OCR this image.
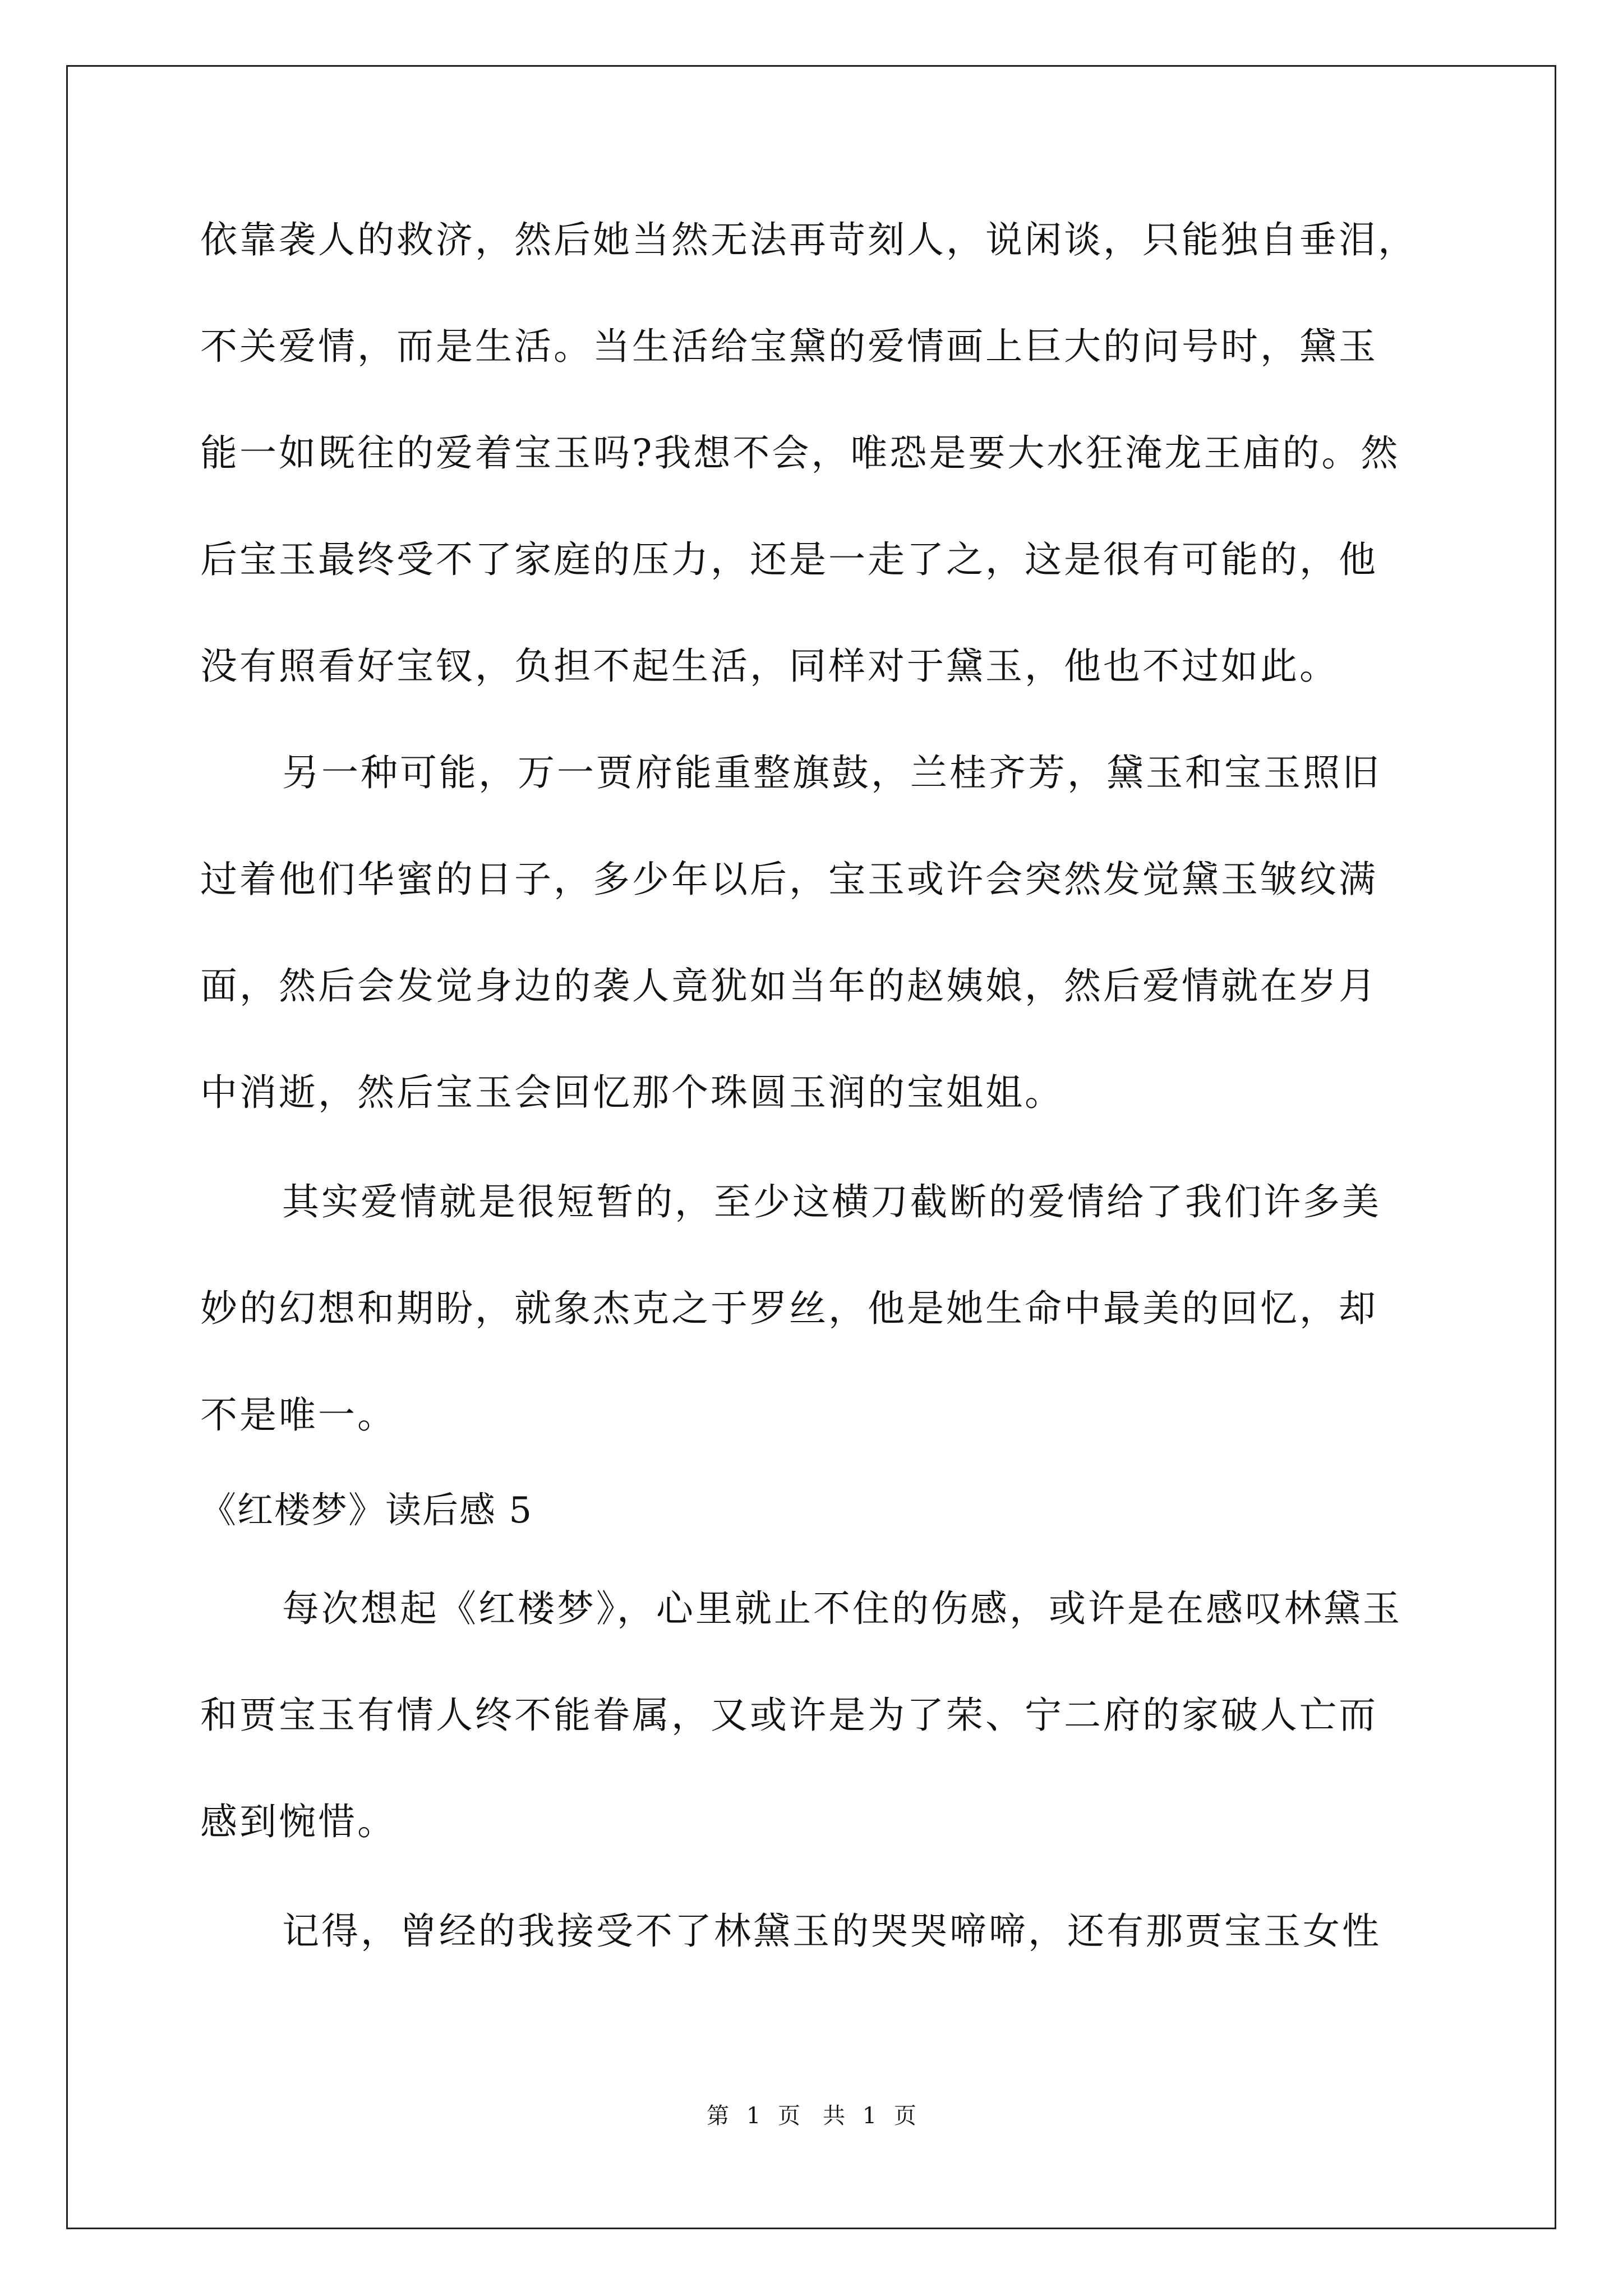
依靠袭人的救济，然后她当然无法再苛刻人，说闲谈，只能独自垂泪，
不关爱情，而是生活。当生活给宝黛的爱情画上巨大的问号时，黛玉
能一如既往的爱着宝玉吗?我想不会，唯恐是要大水狂淹龙王庙的。然
后宝玉最终受不了家庭的压力，还是一走了之，这是很有可能的，他
没有照看好宝钗，负担不起生活，同样对于黛玉，他也不过如此。
另一种可能，万一贾府能重整旗鼓，兰桂齐芳，黛玉和宝玉照旧
过着他们华蜜的日子，多少年以后，宝玉或许会突然发觉黛玉皱纹满
面，然后会发觉身边的袭人竟犹如当年的赵姨娘，然后爱情就在岁月
中消逝，然后宝玉会回忆那个珠圆玉润的宝姐姐。
其实爱情就是很短暂的，至少这横刀截断的爱情给了我们许多美
妙的幻想和期盼，就象杰克之于罗丝，他是她生命中最美的回忆，却
不是唯一。
《红楼梦》读后感 5
每次想起《红楼梦》，心里就止不住的伤感，或许是在感叹林黛玉
和贾宝玉有情人终不能眷属，又或许是为了荣、宁二府的家破人亡而
感到惋惜。
记得，曾经的我接受不了林黛玉的哭哭啼啼，还有那贾宝玉女性
第 1 页　共 1 页
